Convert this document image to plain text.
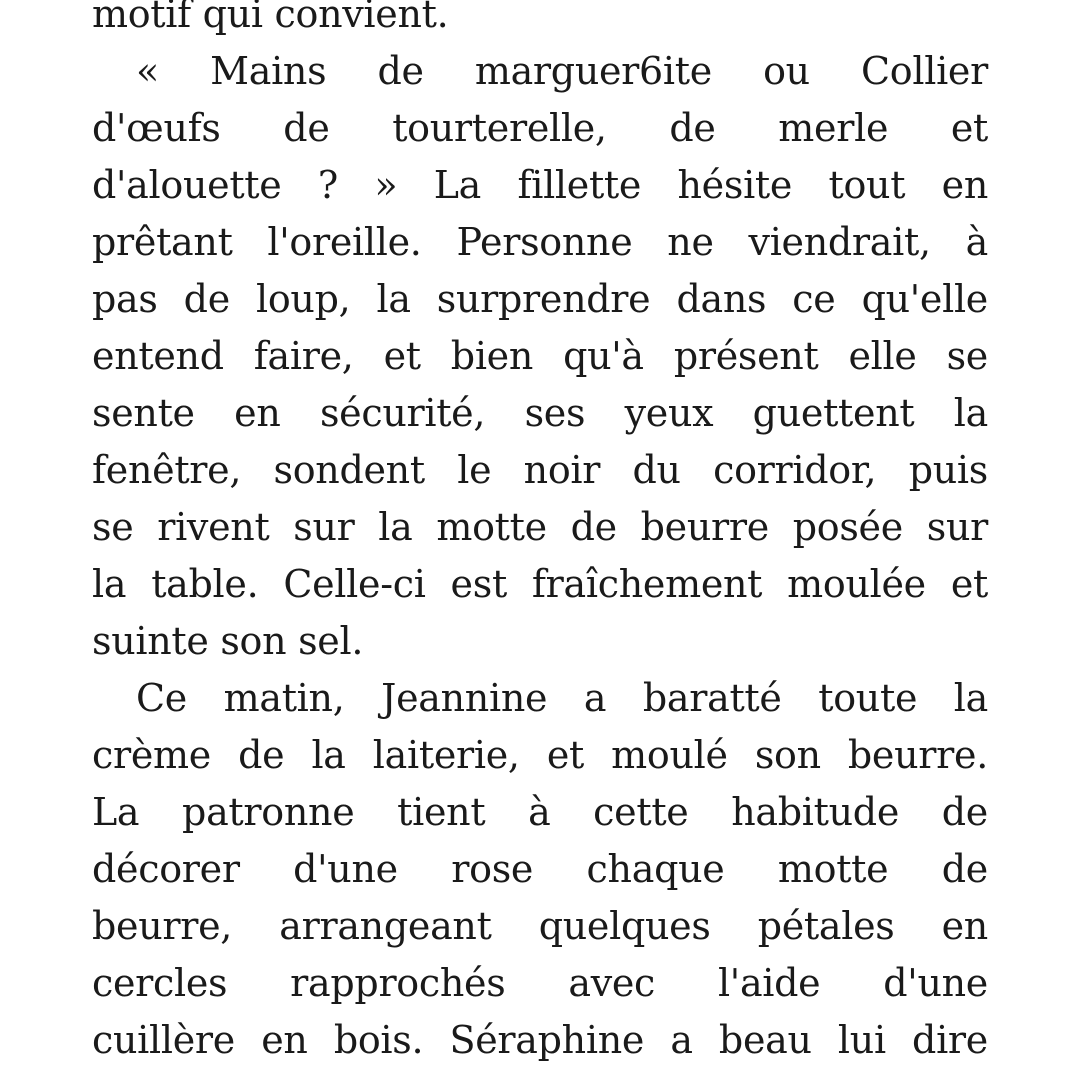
motif qui convient.
« Mains de marguer6ite ou Collier
d'œufs de tourterelle, de merle et
d'alouette ? » La fillette hésite tout en
prêtant l'oreille. Personne ne viendrait, à
pas de loup, la surprendre dans ce qu'elle
entend faire, et bien qu'à présent elle se
sente en sécurité, ses yeux guettent la
fenêtre, sondent le noir du corridor, puis
se rivent sur la motte de beurre posée sur
la table. Celle-ci est fraîchement moulée et
suinte son sel.
Ce matin, Jeannine a baratté toute la
crème de la laiterie, et moulé son beurre.
La patronne tient à cette habitude de
décorer d'une rose chaque motte de
beurre, arrangeant quelques pétales en
cercles rapprochés avec l'aide d'une
cuillère en bois. Séraphine a beau lui dire
